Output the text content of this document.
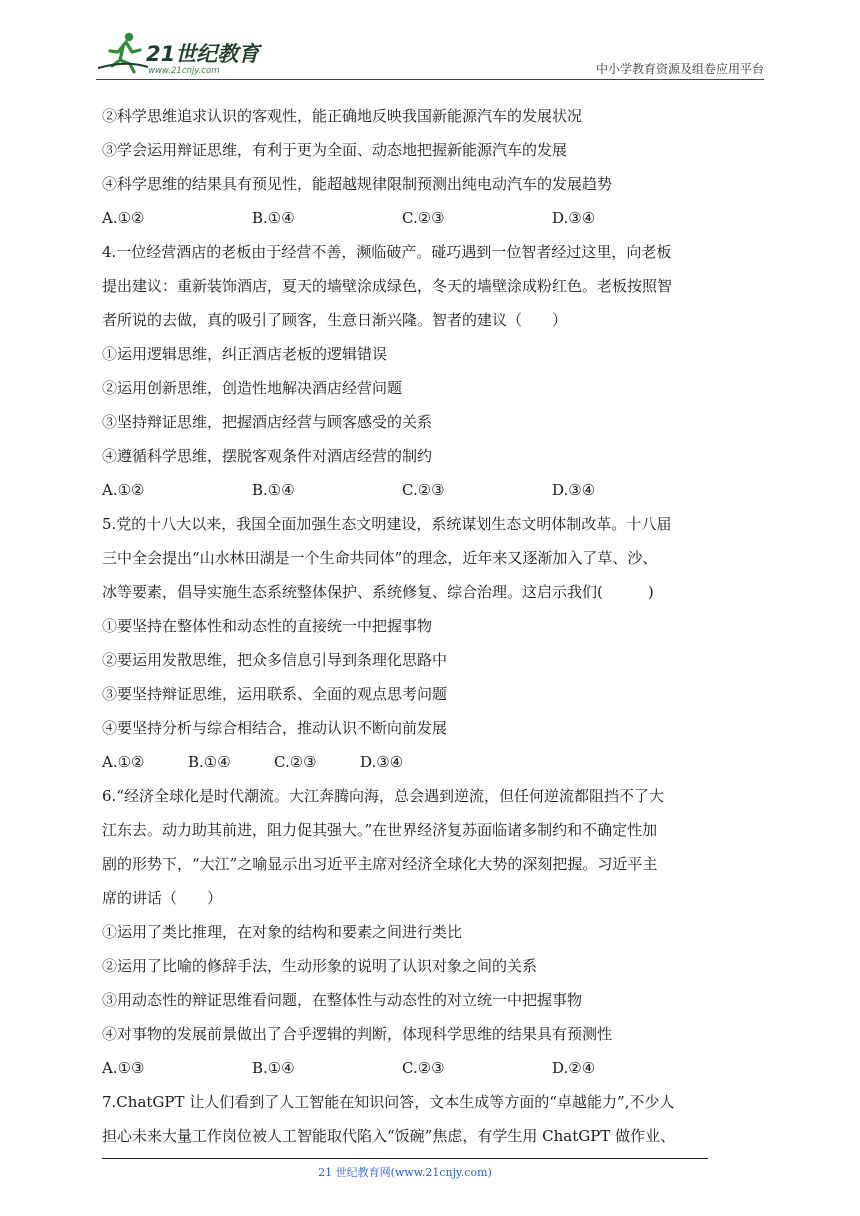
21世纪教育
www.21cnjy.com	中小学教育资源及组卷应用平台
②科学思维追求认识的客观性，能正确地反映我国新能源汽车的发展状况
③学会运用辩证思维，有利于更为全面、动态地把握新能源汽车的发展
④科学思维的结果具有预见性，能超越规律限制预测出纯电动汽车的发展趋势
A.①②	B.①④	C.②③	D.③④
4.一位经营酒店的老板由于经营不善，濒临破产。碰巧遇到一位智者经过这里，向老板
提出建议：重新装饰酒店，夏天的墙壁涂成绿色，冬天的墙壁涂成粉红色。老板按照智
者所说的去做，真的吸引了顾客，生意日渐兴隆。智者的建议（　　）
①运用逻辑思维，纠正酒店老板的逻辑错误
②运用创新思维，创造性地解决酒店经营问题
③坚持辩证思维，把握酒店经营与顾客感受的关系
④遵循科学思维，摆脱客观条件对酒店经营的制约
A.①②	B.①④	C.②③	D.③④
5.党的十八大以来，我国全面加强生态文明建设，系统谋划生态文明体制改革。十八届
三中全会提出“山水林田湖是一个生命共同体”的理念，近年来又逐渐加入了草、沙、
冰等要素，倡导实施生态系统整体保护、系统修复、综合治理。这启示我们(　　　)
①要坚持在整体性和动态性的直接统一中把握事物
②要运用发散思维，把众多信息引导到条理化思路中
③要坚持辩证思维，运用联系、全面的观点思考问题
④要坚持分析与综合相结合，推动认识不断向前发展
A.①②	B.①④	C.②③	D.③④
6.“经济全球化是时代潮流。大江奔腾向海，总会遇到逆流，但任何逆流都阻挡不了大
江东去。动力助其前进，阻力促其强大。”在世界经济复苏面临诸多制约和不确定性加
剧的形势下，“大江”之喻显示出习近平主席对经济全球化大势的深刻把握。习近平主
席的讲话（　　）
①运用了类比推理，在对象的结构和要素之间进行类比
②运用了比喻的修辞手法，生动形象的说明了认识对象之间的关系
③用动态性的辩证思维看问题，在整体性与动态性的对立统一中把握事物
④对事物的发展前景做出了合乎逻辑的判断，体现科学思维的结果具有预测性
A.①③	B.①④	C.②③	D.②④
7.ChatGPT 让人们看到了人工智能在知识问答，文本生成等方面的“卓越能力”,不少人
担心未来大量工作岗位被人工智能取代陷入“饭碗”焦虑，有学生用 ChatGPT 做作业、
21 世纪教育网(www.21cnjy.com)
